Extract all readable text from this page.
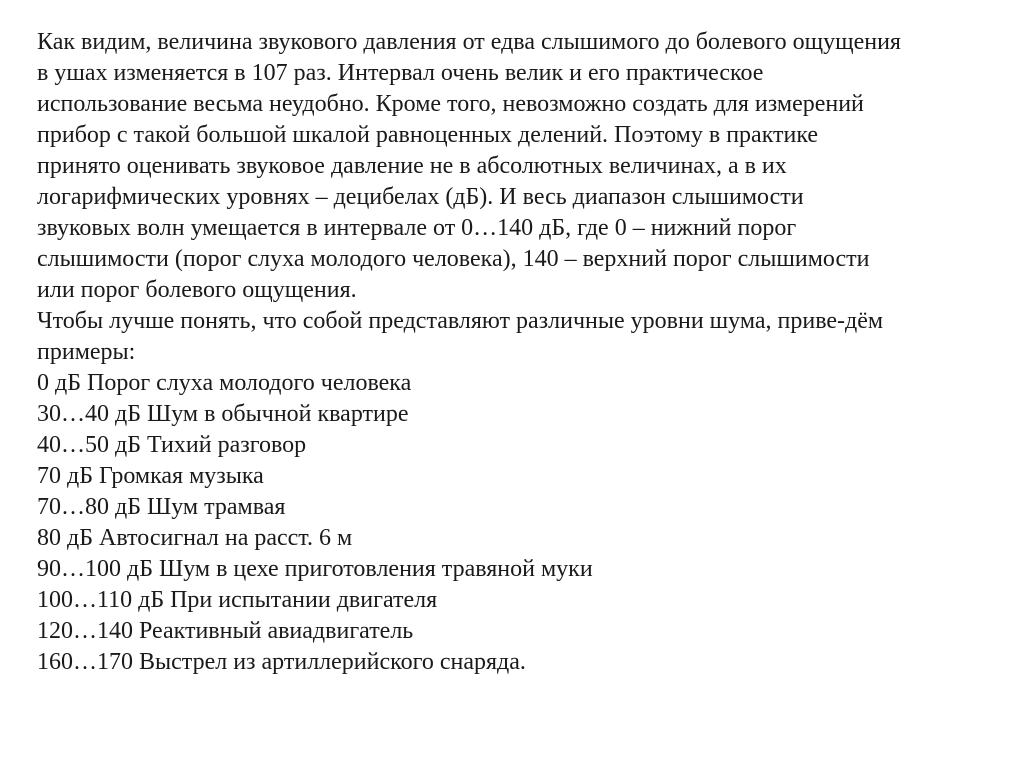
Как видим, величина звукового давления от едва слышимого до болевого ощущения
в ушах изменяется в 107 раз. Интервал очень велик и его практическое
использование весьма неудобно. Кроме того, невозможно создать для измерений
прибор с такой большой шкалой равноценных делений. Поэтому в практике
принято оценивать звуковое давление не в абсолютных величинах, а в их
логарифмических уровнях – децибелах (дБ). И весь диапазон слышимости
звуковых волн умещается в интервале от 0…140 дБ, где 0 – нижний порог
слышимости (порог слуха молодого человека), 140 – верхний порог слышимости
или порог болевого ощущения.
Чтобы лучше понять, что собой представляют различные уровни шума, приве-дём
примеры:
0 дБ Порог слуха молодого человека
30…40 дБ Шум в обычной квартире
40…50 дБ Тихий разговор
70 дБ Громкая музыка
70…80 дБ Шум трамвая
80 дБ Автосигнал на расст. 6 м
90…100 дБ Шум в цехе приготовления травяной муки
100…110 дБ При испытании двигателя
120…140 Реактивный авиадвигатель
160…170 Выстрел из артиллерийского снаряда.
